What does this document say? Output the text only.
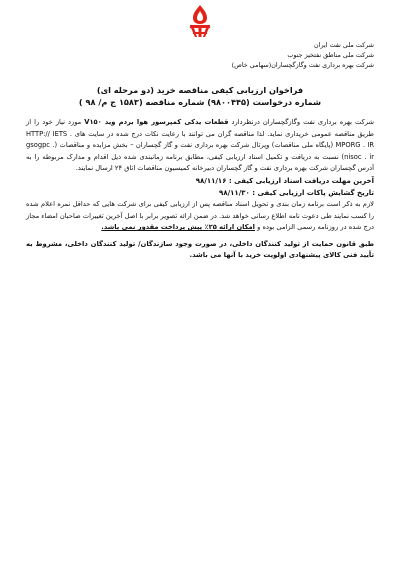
شرکت ملی نفت ایران
شرکت ملی مناطق نفتخیز جنوب
شرکت بهره برداری نفت وگازگچساران(سهامی خاص)
فراخوان ارزیابی کیفی مناقصه خرید (دو مرحله ای)
شماره درخواست (۹۸۰۰۴۴۵) شماره مناقصه (۱۵۸۳ ج م/ ۹۸ )

شرکت بهره برداری نفت وگازگچساران درنظردارد قطعات یدکی کمپرسور هوا بردم وید V۱۵۰ مورد نیاز خود را از طریق مناقصه عمومی خریداری نماید. لذا مناقصه گران می توانند با رعایت نکات درج شده در سایت های HTTP:// IETS . MPORG . IR (پایگاه ملی مناقصات) وپرتال شرکت بهره برداری نفت و گاز گچساران – بخش مزایده و مناقصات (gsogpc . nisoc . ir) نسبت به دریافت و تکمیل اسناد ارزیابی کیفی، مطابق برنامه زمانبندی شده ذیل اقدام و مدارک مربوطه را به آدرس گچساران شرکت بهره برداری نفت و گاز گچساران دبیرخانه کمیسیون مناقصات اتاق ۲۴ ارسال نمایند.

آخرین مهلت دریافت اسناد ارزیابی کیفی : ۹۸/۱۱/۱۶

تاریخ گشایش پاکات ارزیابی کیفی : ۹۸/۱۱/۳۰

لازم به ذکر است برنامه زمان بندی و تحویل اسناد مناقصه پس از ارزیابی کیفی برای شرکت هایی که حداقل نمره اعلام شده را کسب نمایند طی دعوت نامه اطلاع رسانی خواهد شد. در ضمن ارائه تصویر برابر با اصل آخرین تغییرات صاحبان امضاء مجاز درج شده در روزنامه رسمی الزامی بوده و امکان ارائه ۲۵٪ پیش پرداخت مقدور نمی باشد.

طبق قانون حمایت از تولید کنندگان داخلی، در صورت وجود سازندگان/ تولید کنندگان داخلی، مشروط به تأیید فنی کالای پیشنهادی اولویت خرید با آنها می باشد.
